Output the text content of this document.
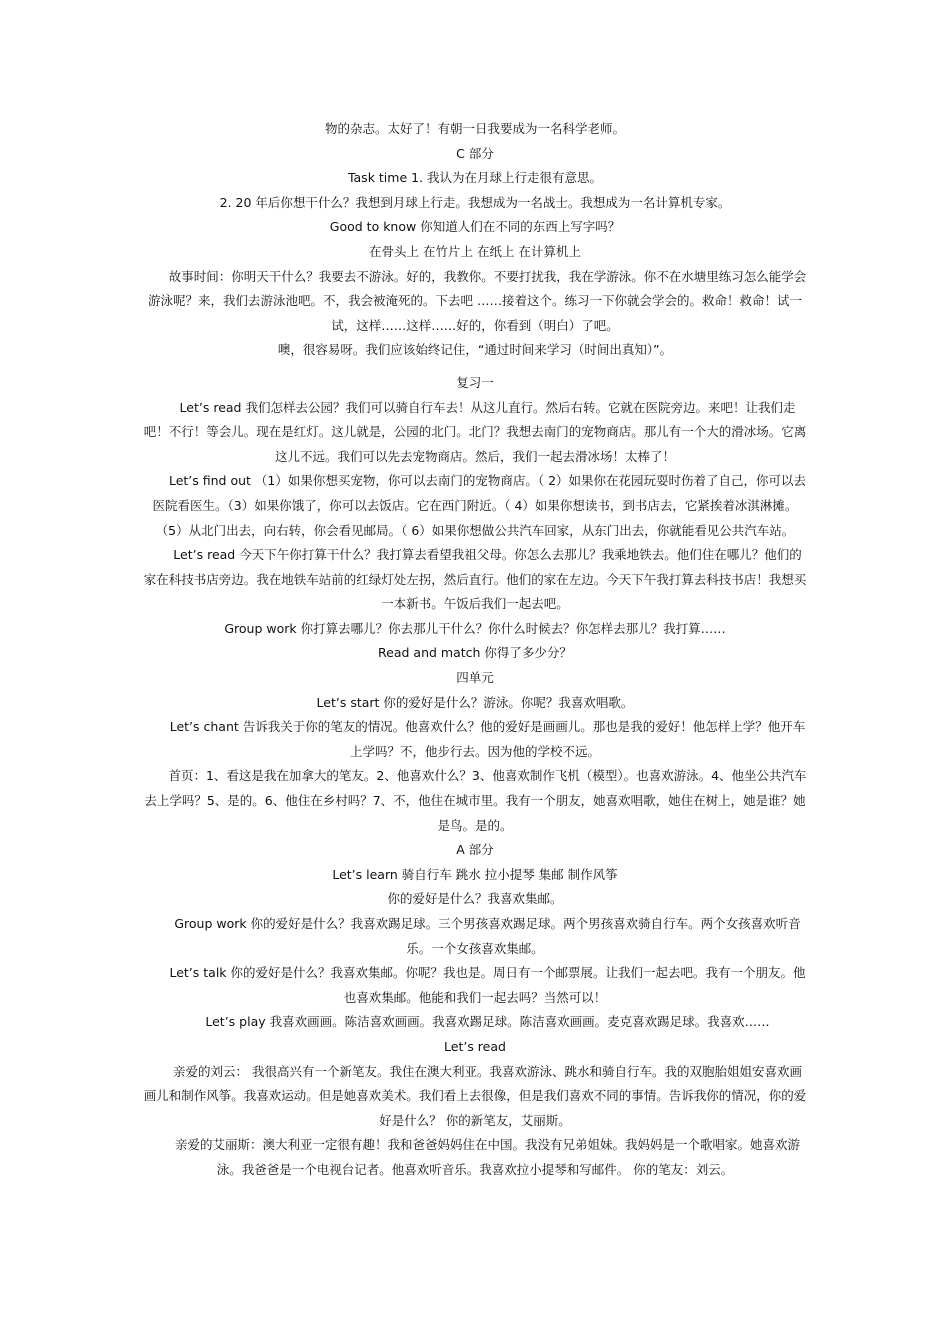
物的杂志。太好了！有朝一日我要成为一名科学老师。

C 部分

Task time 1. 我认为在月球上行走很有意思。

2. 20 年后你想干什么？我想到月球上行走。我想成为一名战士。我想成为一名计算机专家。

Good to know 你知道人们在不同的东西上写字吗？

在骨头上 在竹片上 在纸上 在计算机上

故事时间：你明天干什么？我要去不游泳。好的，我教你。不要打扰我，我在学游泳。你不在水塘里练习怎么能学会游泳呢？来，我们去游泳池吧。不，我会被淹死的。下去吧 ……接着这个。练习一下你就会学会的。救命！救命！试一试，这样……这样……好的，你看到（明白）了吧。

噢，很容易呀。我们应该始终记住，“通过时间来学习（时间出真知）”。

复习一

Let’s read 我们怎样去公园？我们可以骑自行车去！从这儿直行。然后右转。它就在医院旁边。来吧！让我们走吧！不行！等会儿。现在是红灯。这儿就是，公园的北门。北门？我想去南门的宠物商店。那儿有一个大的滑冰场。它离这儿不远。我们可以先去宠物商店。然后，我们一起去滑冰场！太棒了！

Let’s find out （1）如果你想买宠物，你可以去南门的宠物商店。（ 2）如果你在花园玩耍时伤着了自己，你可以去医院看医生。（3）如果你饿了，你可以去饭店。它在西门附近。（ 4）如果你想读书，到书店去，它紧挨着冰淇淋摊。（5）从北门出去，向右转，你会看见邮局。（ 6）如果你想做公共汽车回家，从东门出去，你就能看见公共汽车站。

Let’s read 今天下午你打算干什么？我打算去看望我祖父母。你怎么去那儿？我乘地铁去。他们住在哪儿？他们的家在科技书店旁边。我在地铁车站前的红绿灯处左拐，然后直行。他们的家在左边。今天下午我打算去科技书店！我想买一本新书。午饭后我们一起去吧。

Group work 你打算去哪儿？你去那儿干什么？你什么时候去？你怎样去那儿？我打算……

Read and match 你得了多少分？

四单元

Let’s start 你的爱好是什么？游泳。你呢？我喜欢唱歌。

Let’s chant 告诉我关于你的笔友的情况。他喜欢什么？他的爱好是画画儿。那也是我的爱好！他怎样上学？他开车上学吗？不，他步行去。因为他的学校不远。

首页：1、看这是我在加拿大的笔友。2、他喜欢什么？3、他喜欢制作飞机（模型）。也喜欢游泳。4、他坐公共汽车去上学吗？5、是的。6、他住在乡村吗？7、不，他住在城市里。我有一个朋友，她喜欢唱歌，她住在树上，她是谁？她是鸟。是的。

A 部分

Let’s learn 骑自行车 跳水 拉小提琴 集邮 制作风筝

你的爱好是什么？我喜欢集邮。

Group work 你的爱好是什么？我喜欢踢足球。三个男孩喜欢踢足球。两个男孩喜欢骑自行车。两个女孩喜欢听音乐。一个女孩喜欢集邮。

Let’s talk 你的爱好是什么？我喜欢集邮。你呢？我也是。周日有一个邮票展。让我们一起去吧。我有一个朋友。他也喜欢集邮。他能和我们一起去吗？当然可以！

Let’s play 我喜欢画画。陈洁喜欢画画。我喜欢踢足球。陈洁喜欢画画。麦克喜欢踢足球。我喜欢……

Let’s read

亲爱的刘云： 我很高兴有一个新笔友。我住在澳大利亚。我喜欢游泳、跳水和骑自行车。我的双胞胎姐姐安喜欢画画儿和制作风筝。我喜欢运动。但是她喜欢美术。我们看上去很像，但是我们喜欢不同的事情。告诉我你的情况，你的爱好是什么？ 你的新笔友，艾丽斯。

亲爱的艾丽斯：澳大利亚一定很有趣！我和爸爸妈妈住在中国。我没有兄弟姐妹。我妈妈是一个歌唱家。她喜欢游泳。我爸爸是一个电视台记者。他喜欢听音乐。我喜欢拉小提琴和写邮件。 你的笔友：刘云。
